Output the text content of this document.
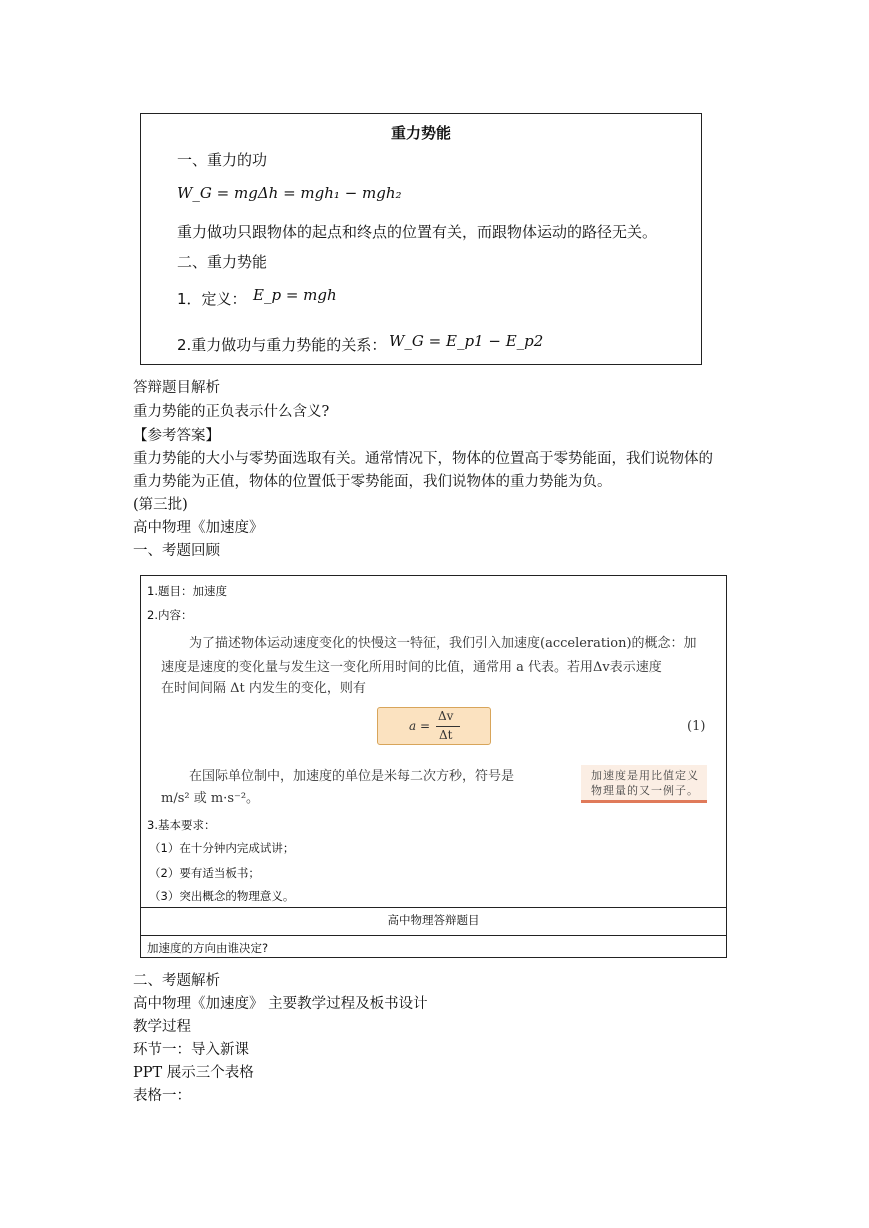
重力势能
一、重力的功
W_G = mgΔh = mgh₁ − mgh₂
重力做功只跟物体的起点和终点的位置有关，而跟物体运动的路径无关。
二、重力势能
1．定义： E_p = mgh
2.重力做功与重力势能的关系： W_G = E_p1 − E_p2
答辩题目解析
重力势能的正负表示什么含义?
【参考答案】
重力势能的大小与零势面选取有关。通常情况下，物体的位置高于零势能面，我们说物体的
重力势能为正值，物体的位置低于零势能面，我们说物体的重力势能为负。
(第三批)
高中物理《加速度》
一、考题回顾
1.题目：加速度
2.内容：
为了描述物体运动速度变化的快慢这一特征，我们引入加速度(acceleration)的概念：加
速度是速度的变化量与发生这一变化所用时间的比值，通常用 a 代表。若用Δv表示速度
在时间间隔 Δt 内发生的变化，则有
a =
Δv
Δt
(1)
在国际单位制中，加速度的单位是米每二次方秒，符号是
m/s² 或 m·s⁻²。
加速度是用比值定义物理量的又一例子。
3.基本要求：
（1）在十分钟内完成试讲；
（2）要有适当板书；
（3）突出概念的物理意义。
高中物理答辩题目
加速度的方向由谁决定?
二、考题解析
高中物理《加速度》 主要教学过程及板书设计
教学过程
环节一：导入新课
PPT 展示三个表格
表格一：
